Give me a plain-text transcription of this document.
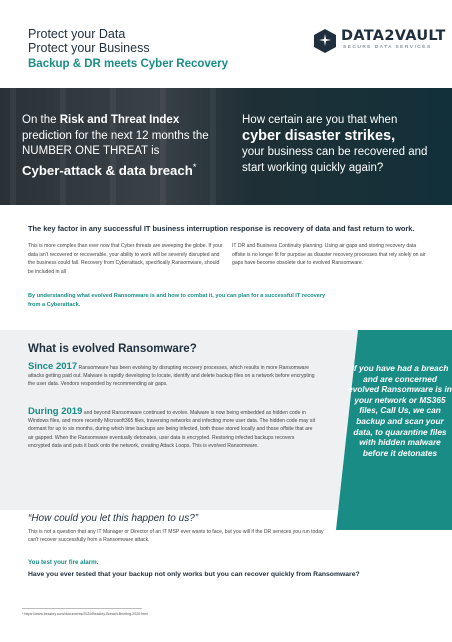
Protect your Data
Protect your Business
Backup & DR meets Cyber Recovery
DATA2VAULT
SECURE DATA SERVICES
On the Risk and Threat Index prediction for the next 12 months the NUMBER ONE THREAT is
Cyber-attack & data breach*
How certain are you that when
cyber disaster strikes,
your business can be recovered and start working quickly again?
The key factor in any successful IT business interruption response is recovery of data and fast return to work.
This is more complex than ever now that Cyber threats are sweeping the globe. If your data isn't recovered or recoverable, your ability to work will be severely disrupted and the business could fall. Recovery from Cyberattack, specifically Ransomware, should be included in all
IT DR and Business Continuity planning. Using air gaps and storing recovery data offsite is no longer fit for purpose as disaster recovery processes that rely solely on air gaps have become obsolete due to evolved Ransomware.
By understanding what evolved Ransomware is and how to combat it, you can plan for a successful IT recovery from a Cyberattack.
What is evolved Ransomware?
Since 2017 Ransomware has been evolving by disrupting recovery processes, which results in more Ransomware attacks getting paid out. Malware is rapidly developing to locate, identify and delete backup files on a network before encrypting the user data. Vendors responded by recommending air gaps.
During 2019 and beyond Ransomware continued to evolve. Malware is now being embedded as hidden code in Windows files, and more recently Microsoft365 files, traversing networks and infecting more user data. The hidden code may sit dormant for up to six months, during which time backups are being infected, both those stored locally and those offsite that are air gapped. When the Ransomware eventually detonates, user data is encrypted. Restoring infected backups recovers encrypted data and puts it back onto the network, creating Attack Loops. This is evolved Ransomware.
If you have had a breach and are concerned evolved Ransomware is in your network or MS365 files, Call Us, we can backup and scan your data, to quarantine files with hidden malware before it detonates
“How could you let this happen to us?”
This is not a question that any IT Manager or Director of an IT MSP ever wants to face, but you will if the DR services you run today can't recover successfully from a Ransomware attack.
You test your fire alarm.
Have you ever tested that your backup not only works but you can recover quickly from Ransomware?
* https://www.beazley.com/documents/2020/Beazley-Breach-Briefing-2020.html
